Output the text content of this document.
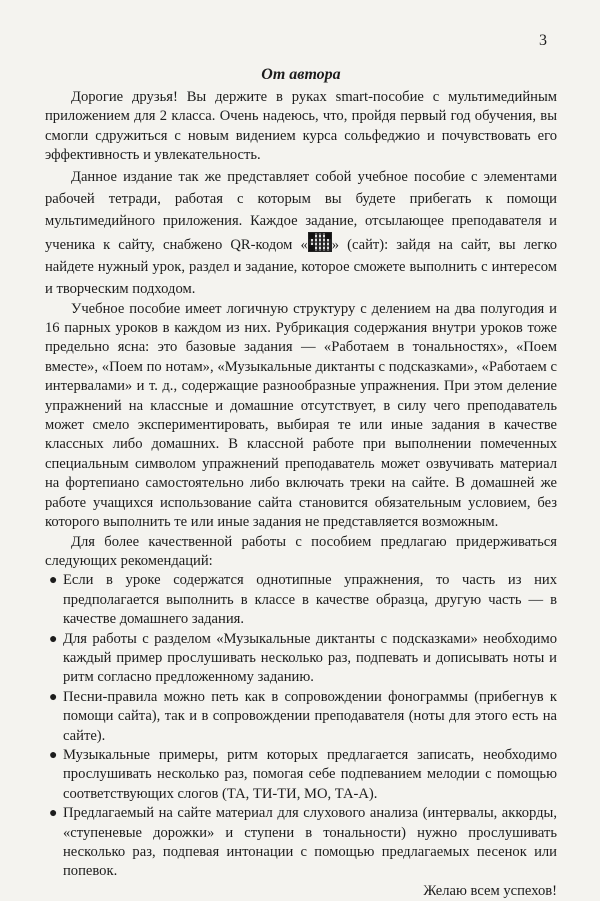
3
От автора

Дорогие друзья! Вы держите в руках smart-пособие с мультимедийным приложением для 2 класса. Очень надеюсь, что, пройдя первый год обучения, вы смогли сдружиться с новым видением курса сольфеджио и почувствовать его эффективность и увлекательность.

Данное издание так же представляет собой учебное пособие с элементами рабочей тетради, работая с которым вы будете прибегать к помощи мультимедийного приложения. Каждое задание, отсылающее преподавателя и ученика к сайту, снабжено QR-кодом « » (сайт): зайдя на сайт, вы легко найдете нужный урок, раздел и задание, которое сможете выполнить с интересом и творческим подходом.

Учебное пособие имеет логичную структуру с делением на два полугодия и 16 парных уроков в каждом из них. Рубрикация содержания внутри уроков тоже предельно ясна: это базовые задания — «Работаем в тональностях», «Поем вместе», «Поем по нотам», «Музыкальные диктанты с подсказками», «Работаем с интервалами» и т. д., содержащие разнообразные упражнения. При этом деление упражнений на классные и домашние отсутствует, в силу чего преподаватель может смело экспериментировать, выбирая те или иные задания в качестве классных либо домашних. В классной работе при выполнении помеченных специальным символом упражнений преподаватель может озвучивать материал на фортепиано самостоятельно либо включать треки на сайте. В домашней же работе учащихся использование сайта становится обязательным условием, без которого выполнить те или иные задания не представляется возможным.

Для более качественной работы с пособием предлагаю придерживаться следующих рекомендаций:

● Если в уроке содержатся однотипные упражнения, то часть из них предполагается выполнить в классе в качестве образца, другую часть — в качестве домашнего задания.
● Для работы с разделом «Музыкальные диктанты с подсказками» необходимо каждый пример прослушивать несколько раз, подпевать и дописывать ноты и ритм согласно предложенному заданию.
● Песни-правила можно петь как в сопровождении фонограммы (прибегнув к помощи сайта), так и в сопровождении преподавателя (ноты для этого есть на сайте).
● Музыкальные примеры, ритм которых предлагается записать, необходимо прослушивать несколько раз, помогая себе подпеванием мелодии с помощью соответствующих слогов (ТА, ТИ-ТИ, МО, ТА-А).
● Предлагаемый на сайте материал для слухового анализа (интервалы, аккорды, «ступеневые дорожки» и ступени в тональности) нужно прослушивать несколько раз, подпевая интонации с помощью предлагаемых песенок или попевок.
Желаю всем успехов!
